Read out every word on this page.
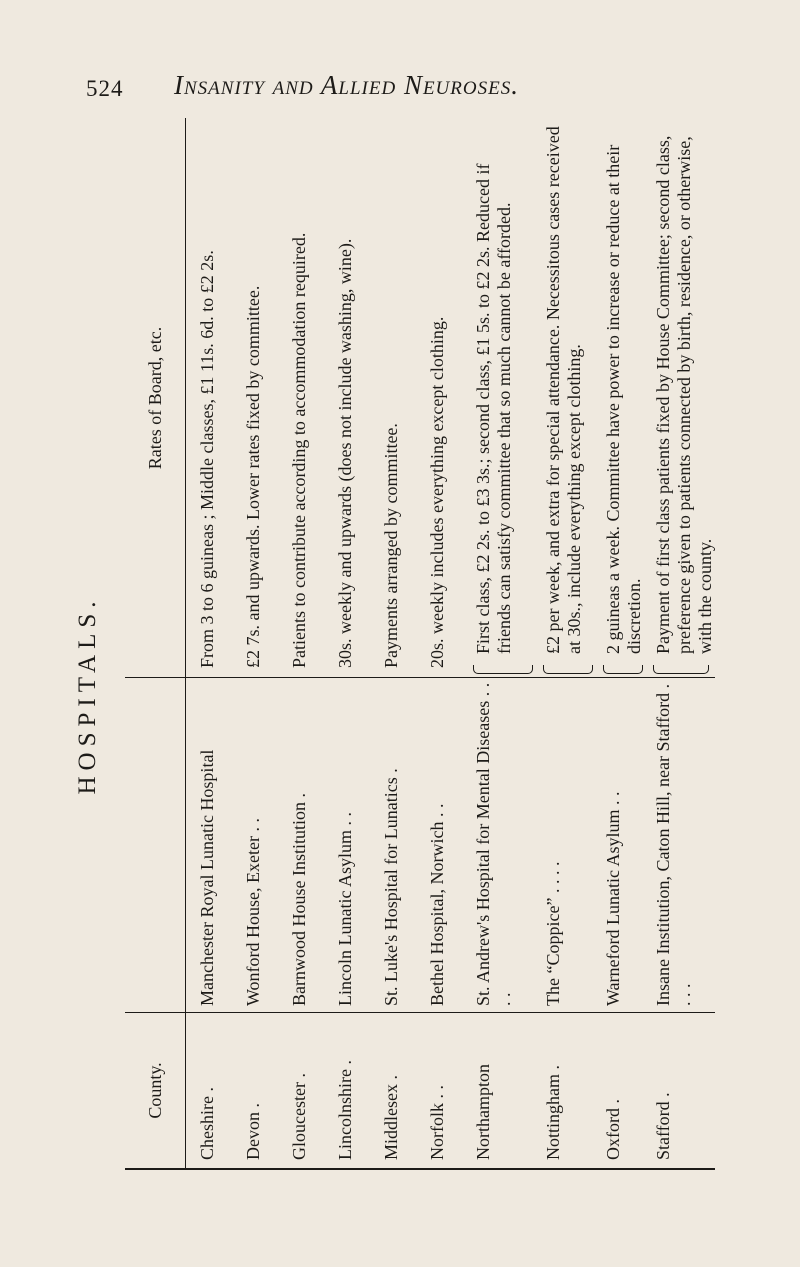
524 Insanity and Allied Neuroses.
HOSPITALS.
County.
Rates of Board, etc.
Cheshire .
Manchester Royal Lunatic Hospital
From 3 to 6 guineas ; Middle classes, £1 11s. 6d. to £2 2s.
Devon .
Wonford House, Exeter . .
£2 7s. and upwards. Lower rates fixed by committee.
Gloucester .
Barnwood House Institution .
Patients to contribute according to accommodation required.
Lincolnshire .
Lincoln Lunatic Asylum . .
30s. weekly and upwards (does not include washing, wine).
Middlesex .
St. Luke's Hospital for Lunatics .
Payments arranged by committee.
Norfolk . .
Bethel Hospital, Norwich . .
20s. weekly includes everything except clothing.
Northampton
St. Andrew's Hospital for Mental Diseases . . . .
First class, £2 2s. to £3 3s.; second class, £1 5s. to £2 2s. Reduced if friends can satisfy committee that so much cannot be afforded.
Nottingham .
The “Coppice” . . . .
£2 per week, and extra for special attendance. Necessitous cases received at 30s., include everything except clothing.
Oxford .
Warneford Lunatic Asylum . .
2 guineas a week. Committee have power to increase or reduce at their discretion.
Stafford .
Insane Institution, Caton Hill, near Stafford . . . .
Payment of first class patients fixed by House Committee; second class, preference given to patients connected by birth, residence, or otherwise, with the county.
